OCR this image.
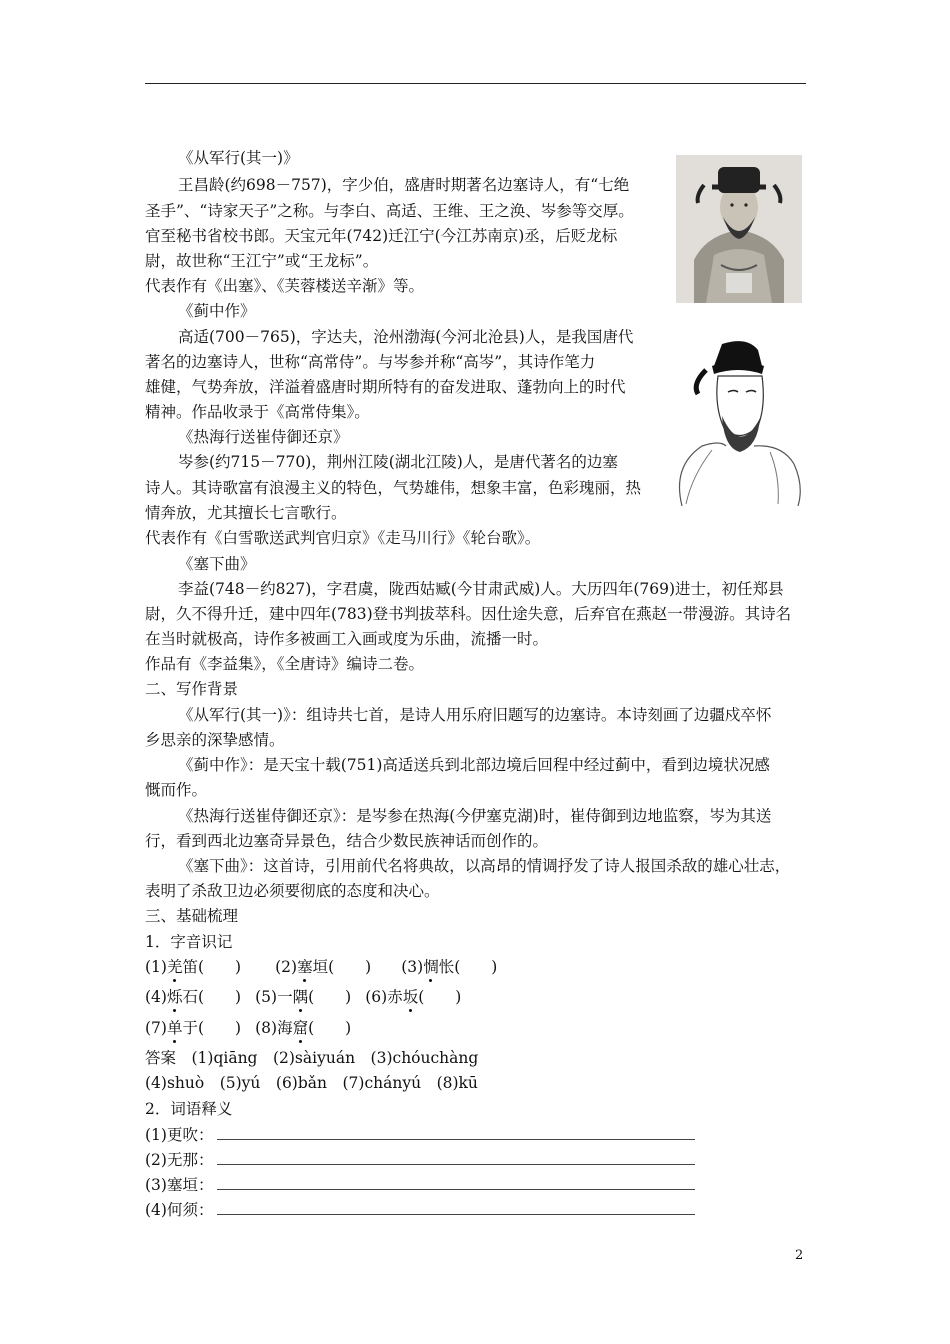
《从军行(其一)》
王昌龄(约698－757)，字少伯，盛唐时期著名边塞诗人，有“七绝
圣手”、“诗家天子”之称。与李白、高适、王维、王之涣、岑参等交厚。
官至秘书省校书郎。天宝元年(742)迁江宁(今江苏南京)丞，后贬龙标
尉，故世称“王江宁”或“王龙标”。
代表作有《出塞》、《芙蓉楼送辛渐》等。
《蓟中作》
高适(700－765)，字达夫，沧州渤海(今河北沧县)人，是我国唐代
著名的边塞诗人，世称“高常侍”。与岑参并称“高岑”，其诗作笔力
雄健，气势奔放，洋溢着盛唐时期所特有的奋发进取、蓬勃向上的时代
精神。作品收录于《高常侍集》。
《热海行送崔侍御还京》
岑参(约715－770)，荆州江陵(湖北江陵)人，是唐代著名的边塞
诗人。其诗歌富有浪漫主义的特色，气势雄伟，想象丰富，色彩瑰丽，热
情奔放，尤其擅长七言歌行。
代表作有《白雪歌送武判官归京》《走马川行》《轮台歌》。
《塞下曲》
李益(748－约827)，字君虞，陇西姑臧(今甘肃武威)人。大历四年(769)进士，初任郑县
尉，久不得升迁，建中四年(783)登书判拔萃科。因仕途失意，后弃官在燕赵一带漫游。其诗名
在当时就极高，诗作多被画工入画或度为乐曲，流播一时。
作品有《李益集》，《全唐诗》编诗二卷。
二、写作背景
《从军行(其一)》：组诗共七首，是诗人用乐府旧题写的边塞诗。本诗刻画了边疆戍卒怀
乡思亲的深挚感情。
《蓟中作》：是天宝十载(751)高适送兵到北部边境后回程中经过蓟中，看到边境状况感
慨而作。
《热海行送崔侍御还京》：是岑参在热海(今伊塞克湖)时，崔侍御到边地监察，岑为其送
行，看到西北边塞奇异景色，结合少数民族神话而创作的。
《塞下曲》：这首诗，引用前代名将典故，以高昂的情调抒发了诗人报国杀敌的雄心壮志，
表明了杀敌卫边必须要彻底的态度和决心。
三、基础梳理
1．字音识记
(1)羌笛(　　) (2)塞垣(　　) (3)惆怅(　　)
(4)烁石(　　) (5)一隅(　　) (6)赤坂(　　)
(7)单于(　　) (8)海窟(　　)
答案　(1)qiāng　(2)sàiyuán　(3)chóuchàng
(4)shuò　(5)yú　(6)bǎn　(7)chányú　(8)kū
2．词语释义
(1)更吹：
(2)无那：
(3)塞垣：
(4)何须：
2
